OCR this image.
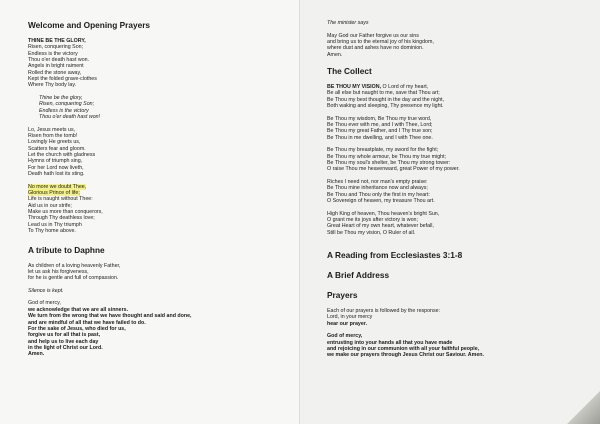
Welcome and Opening Prayers

THINE BE THE GLORY,
Risen, conquering Son;
Endless is the victory
Thou o'er death hast won.
Angels in bright raiment
Rolled the stone away,
Kept the folded grave-clothes
Where Thy body lay.

Thine be the glory,
Risen, conquering Son;
Endless is the victory
Thou o'er death hast won!

Lo, Jesus meets us,
Risen from the tomb!
Lovingly He greets us,
Scatters fear and gloom.
Let the church with gladness
Hymns of triumph sing,
For her Lord now liveth,
Death hath lost its sting.

No more we doubt Thee,
Glorious Prince of life;
Life is naught without Thee:
Aid us in our strife;
Make us more than conquerors,
Through Thy deathless love;
Lead us in Thy triumph
To Thy home above.

A tribute to Daphne

As children of a loving heavenly Father,
let us ask his forgiveness,
for he is gentle and full of compassion.

Silence is kept.

God of mercy,
we acknowledge that we are all sinners.
We turn from the wrong that we have thought and said and done,
and are mindful of all that we have failed to do.
For the sake of Jesus, who died for us,
forgive us for all that is past,
and help us to live each day
in the light of Christ our Lord.
Amen.

The minister says

May God our Father forgive us our sins
and bring us to the eternal joy of his kingdom,
where dust and ashes have no dominion.
Amen.

The Collect

BE THOU MY VISION, O Lord of my heart,
Be all else but naught to me, save that Thou art;
Be Thou my best thought in the day and the night,
Both waking and sleeping, Thy presence my light.

Be Thou my wisdom, Be Thou my true word,
Be Thou ever with me, and I with Thee, Lord;
Be Thou my great Father, and I Thy true son;
Be Thou in me dwelling, and I with Thee one.

Be Thou my breastplate, my sword for the fight;
Be Thou my whole armour, be Thou my true might;
Be Thou my soul's shelter, be Thou my strong tower:
O raise Thou me heavenward, great Power of my power.

Riches I need not, nor man's empty praise:
Be Thou mine inheritance now and always;
Be Thou and Thou only the first in my heart:
O Sovereign of heaven, my treasure Thou art.

High King of heaven, Thou heaven's bright Sun,
O grant me its joys after victory is won;
Great Heart of my own heart, whatever befall,
Still be Thou my vision, O Ruler of all.

A Reading from Ecclesiastes 3:1-8
A Brief Address
Prayers

Each of our prayers is followed by the response:
Lord, in your mercy
hear our prayer.

God of mercy,
entrusting into your hands all that you have made
and rejoicing in our communion with all your faithful people,
we make our prayers through Jesus Christ our Saviour. Amen.
